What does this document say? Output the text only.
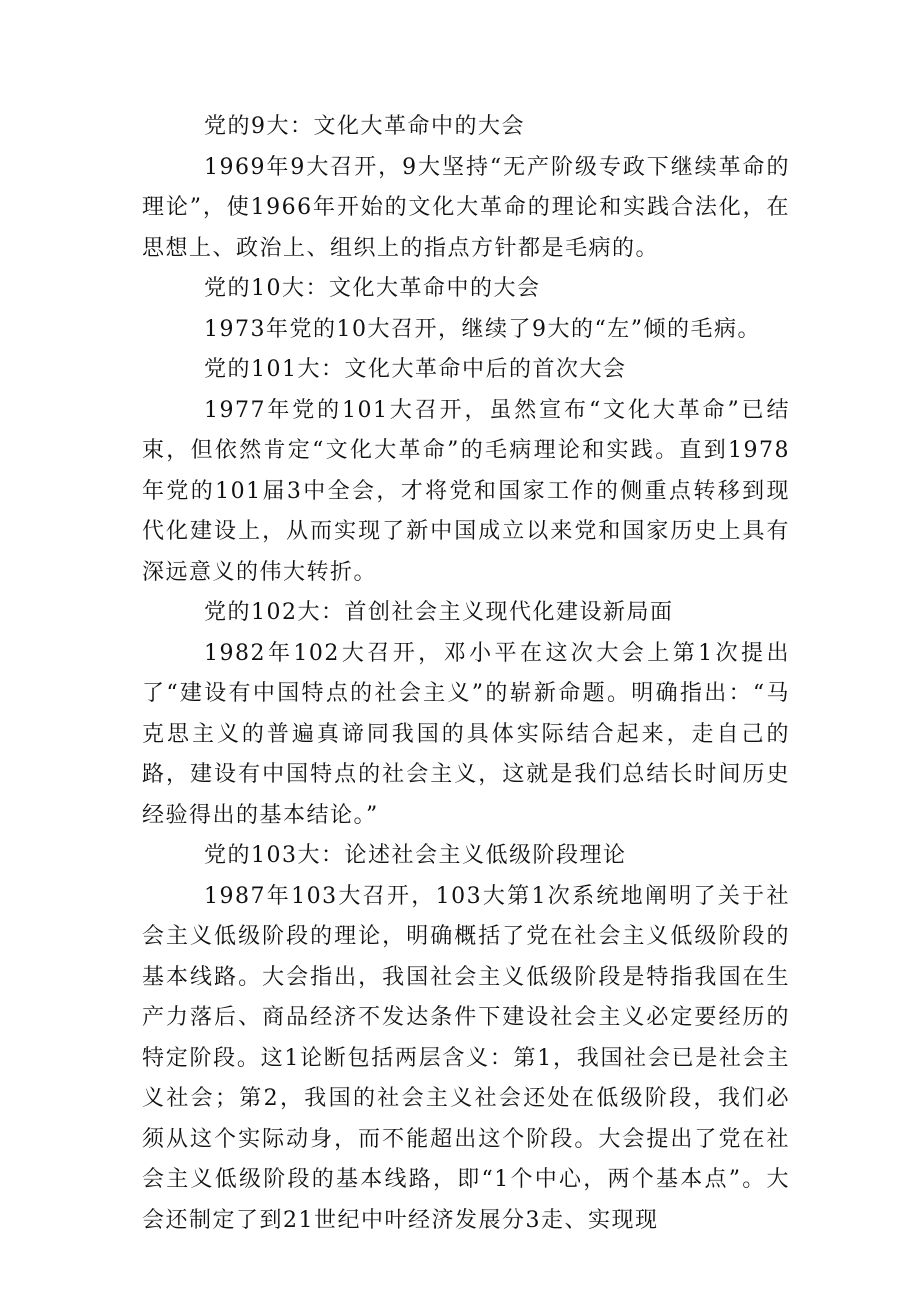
党的9大：文化大革命中的大会

1969年9大召开，9大坚持“无产阶级专政下继续革命的理论”，使1966年开始的文化大革命的理论和实践合法化，在思想上、政治上、组织上的指点方针都是毛病的。

党的10大：文化大革命中的大会

1973年党的10大召开，继续了9大的“左”倾的毛病。

党的101大：文化大革命中后的首次大会

1977年党的101大召开，虽然宣布“文化大革命”已结束，但依然肯定“文化大革命”的毛病理论和实践。直到1978年党的101届3中全会，才将党和国家工作的侧重点转移到现代化建设上，从而实现了新中国成立以来党和国家历史上具有深远意义的伟大转折。

党的102大：首创社会主义现代化建设新局面

1982年102大召开，邓小平在这次大会上第1次提出了“建设有中国特点的社会主义”的崭新命题。明确指出：“马克思主义的普遍真谛同我国的具体实际结合起来，走自己的路，建设有中国特点的社会主义，这就是我们总结长时间历史经验得出的基本结论。”

党的103大：论述社会主义低级阶段理论

1987年103大召开，103大第1次系统地阐明了关于社会主义低级阶段的理论，明确概括了党在社会主义低级阶段的基本线路。大会指出，我国社会主义低级阶段是特指我国在生产力落后、商品经济不发达条件下建设社会主义必定要经历的特定阶段。这1论断包括两层含义：第1，我国社会已是社会主义社会；第2，我国的社会主义社会还处在低级阶段，我们必须从这个实际动身，而不能超出这个阶段。大会提出了党在社会主义低级阶段的基本线路，即“1个中心，两个基本点”。大会还制定了到21世纪中叶经济发展分3走、实现现
